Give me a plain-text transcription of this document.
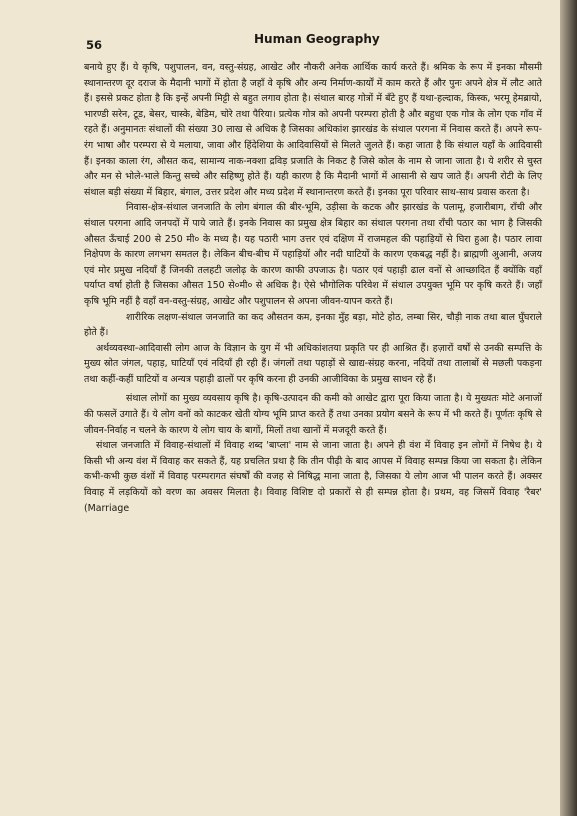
56	Human Geography

बनाये हुए हैं। ये कृषि, पशुपालन, वन, वस्तु-संग्रह, आखेट और नौकरी अनेक आर्थिक कार्य करते हैं। श्रमिक के रूप में इनका मौसमी स्थानान्तरण दूर दराज के मैदानी भागों में होता है जहाँ वे कृषि और अन्य निर्माण-कार्यों में काम करते हैं और पुनः अपने क्षेत्र में लौट आते हैं। इससे प्रकट होता है कि इन्हें अपनी मिट्टी से बहुत लगाव होता है। संथाल बारह गोत्रों में बँटे हुए हैं यथा-हल्दाक, किस्क, भरमू हेमब्रायो, भारण्डी सरेन, टूड, बेसर, चास्के, बेडिम, चोरे तथा पैरिया। प्रत्येक गोत्र को अपनी परम्परा होती है और बहुधा एक गोत्र के लोग एक गाँव में रहते हैं। अनुमानतः संथालों की संख्या 30 लाख से अधिक है जिसका अधिकांश झारखंड के संथाल परगना में निवास करते हैं। अपने रूप-रंग भाषा और परम्परा से ये मलाया, जावा और हिंदेशिया के आदिवासियों से मिलते जुलते हैं। कहा जाता है कि संथाल यहाँ के आदिवासी हैं। इनका काला रंग, औसत कद, सामान्य नाक-नक्शा द्रविड़ प्रजाति के निकट है जिसे कोल के नाम से जाना जाता है। ये शरीर से चुस्त और मन से भोले-भाले किन्तु सच्चे और सहिष्णु होते हैं। यही कारण है कि मैदानी भागों में आसानी से खप जाते हैं। अपनी रोटी के लिए संथाल बड़ी संख्या में बिहार, बंगाल, उत्तर प्रदेश और मध्य प्रदेश में स्थानान्तरण करते हैं। इनका पूरा परिवार साथ-साथ प्रवास करता है।

निवास-क्षेत्र-संथाल जनजाति के लोग बंगाल की बीर-भूमि, उड़ीसा के कटक और झारखंड के पलामू, हजारीबाग, राँची और संथाल परगना आदि जनपदों में पाये जाते हैं। इनके निवास का प्रमुख क्षेत्र बिहार का संथाल परगना तथा राँची पठार का भाग है जिसकी औसत ऊँचाई 200 से 250 मी० के मध्य है। यह पठारी भाग उत्तर एवं दक्षिण में राजमहल की पहाड़ियों से घिरा हुआ है। पठार लावा निक्षेपण के कारण लगभग समतल है। लेकिन बीच-बीच में पहाड़ियों और नदी घाटियों के कारण एकबद्ध नहीं है। ब्राह्मणी अुआनी, अजय एवं मोर प्रमुख नदियाँ हैं जिनकी तलहटी जलोढ़ के कारण काफी उपजाऊ है। पठार एवं पहाड़ी ढाल वनों से आच्छादित हैं क्योंकि वहाँ पर्याप्त वर्षा होती है जिसका औसत 150 से०मी० से अधिक है। ऐसे भौगोलिक परिवेश में संथाल उपयुक्त भूमि पर कृषि करते हैं। जहाँ कृषि भूमि नहीं है वहाँ वन-वस्तु-संग्रह, आखेट और पशुपालन से अपना जीवन-यापन करते हैं।

शारीरिक लक्षण-संथाल जनजाति का कद औसतन कम, इनका मुँह बड़ा, मोटे होठ, लम्बा सिर, चौड़ी नाक तथा बाल घुँघराले होते हैं।

अर्थव्यवस्था-आदिवासी लोग आज के विज्ञान के युग में भी अधिकांशतया प्रकृति पर ही आश्रित हैं। हज़ारों वर्षों से उनकी सम्पत्ति के मुख्य स्रोत जंगल, पहाड़, घाटियाँ एवं नदियाँ ही रही हैं। जंगलों तथा पहाड़ों से खाद्य-संग्रह करना, नदियों तथा तालाबों से मछली पकड़ना तथा कहीं-कहीं घाटियों व अन्यत्र पहाड़ी ढालों पर कृषि करना ही उनकी आजीविका के प्रमुख साधन रहे हैं।

संथाल लोगों का मुख्य व्यवसाय कृषि है। कृषि-उत्पादन की कमी को आखेट द्वारा पूरा किया जाता है। ये मुख्यतः मोटे अनाजों की फसलें उगाते हैं। ये लोग वनों को काटकर खेती योग्य भूमि प्राप्त करते हैं तथा उनका प्रयोग बसने के रूप में भी करते हैं। पूर्णतः कृषि से जीवन-निर्वाह न चलने के कारण ये लोग चाय के बागों, मिलों तथा खानों में मजदूरी करते हैं।

संथाल जनजाति में विवाह-संथालों में विवाह शब्द 'बाप्ला' नाम से जाना जाता है। अपने ही वंश में विवाह इन लोगों में निषेध है। ये किसी भी अन्य वंश में विवाह कर सकते हैं, यह प्रचलित प्रथा है कि तीन पीढ़ी के बाद आपस में विवाह सम्पन्न किया जा सकता है। लेकिन कभी-कभी कुछ वंशों में विवाह परम्परागत संघर्षों की वजह से निषिद्ध माना जाता है, जिसका ये लोग आज भी पालन करते हैं। अक्सर विवाह में लड़कियों को वरण का अवसर मिलता है। विवाह विशिष्ट दो प्रकारों से ही सम्पन्न होता है। प्रथम, वह जिसमें विवाह 'रैबर' (Marriage
